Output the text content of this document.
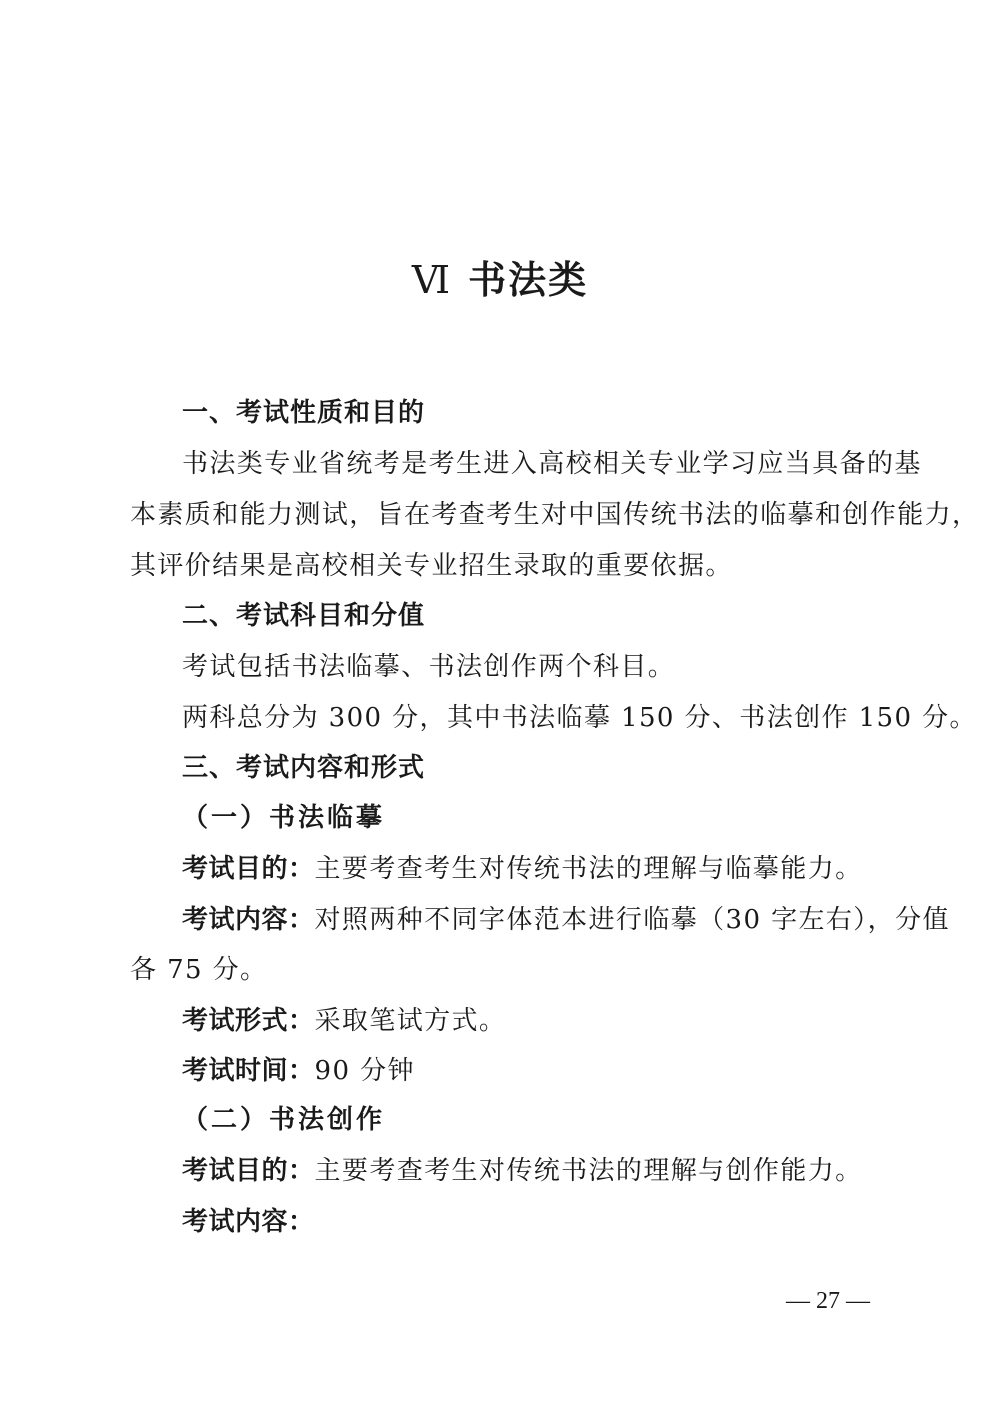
Ⅵ 书法类
一、考试性质和目的
书法类专业省统考是考生进入高校相关专业学习应当具备的基
本素质和能力测试，旨在考查考生对中国传统书法的临摹和创作能力，
其评价结果是高校相关专业招生录取的重要依据。
二、考试科目和分值
考试包括书法临摹、书法创作两个科目。
两科总分为 300 分，其中书法临摹 150 分、书法创作 150 分。
三、考试内容和形式
（一）书法临摹
考试目的：主要考查考生对传统书法的理解与临摹能力。
考试内容：对照两种不同字体范本进行临摹（30 字左右），分值
各 75 分。
考试形式：采取笔试方式。
考试时间：90 分钟
（二）书法创作
考试目的：主要考查考生对传统书法的理解与创作能力。
考试内容：
— 27 —
